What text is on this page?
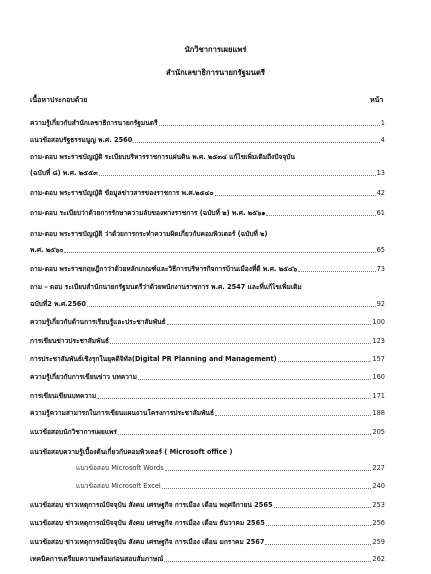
นักวิชาการเผยแพร่
สำนักเลขาธิการนายกรัฐมนตรี
เนื้อหาประกอบด้วย	หน้า
ความรู้เกี่ยวกับสำนักเลขาธิการนายกรัฐมนตรี	1
แนวข้อสอบรัฐธรรมนูญ พ.ศ. 2560	4
ถาม-ตอบ พระราชบัญญัติ ระเบียบบริหารราชการแผ่นดิน พ.ศ. ๒๕๓๔ แก้ไขเพิ่มเติมถึงปัจจุบัน
(ฉบับที่ ๘) พ.ศ. ๒๕๕๓	13
ถาม-ตอบ พระราชบัญญัติ ข้อมูลข่าวสารของราชการ พ.ศ.๒๕๔๐	42
ถาม-ตอบ ระเบียบว่าด้วยการรักษาความลับของทางราชการ (ฉบับที่ ๒) พ.ศ. ๒๕๖๑	61
ถาม-ตอบ พระราชบัญญัติ ว่าด้วยการกระทำความผิดเกี่ยวกับคอมพิวเตอร์ (ฉบับที่ ๒)
พ.ศ. ๒๕๖๐	65
ถาม-ตอบ พระราชกฤษฎีกาว่าด้วยหลักเกณฑ์และวิธีการบริหารกิจการบ้านเมืองที่ดี พ.ศ. ๒๕๔๖	73
ถาม – ตอบ ระเบียบสำนักนายกรัฐมนตรีว่าด้วยพนักงานราชการ พ.ศ. 2547 และที่แก้ไขเพิ่มเติม
ฉบับที่2 พ.ศ.2560	92
ความรู้เกี่ยวกับด้านการเรียนรู้และประชาสัมพันธ์	100
การเขียนข่าวประชาสัมพันธ์	123
การประชาสัมพันธ์เชิงรุกในยุคดิจิทัล(Digital PR Planning and Management)	157
ความรู้เกี่ยวกับการเขียนข่าว บทความ	160
การเขียนเขียนบทความ	171
ความรู้ความสามารถในการเขียนแผนงานโครงการประชาสัมพันธ์	188
แนวข้อสอบนักวิชาการเผยแพร่	205
แนวข้อสอบความรู้เบื้องต้นเกี่ยวกับคอมพิวเตอร์ ( Microsoft office )
แนวข้อสอบ Microsoft Words	227
แนวข้อสอบ Microsoft Excel	240
แนวข้อสอบ ข่าวเหตุการณ์ปัจจุบัน สังคม เศรษฐกิจ การเมือง เดือน พฤศจิกายน 2565	253
แนวข้อสอบ ข่าวเหตุการณ์ปัจจุบัน สังคม เศรษฐกิจ การเมือง เดือน ธันวาคม 2565	256
แนวข้อสอบ ข่าวเหตุการณ์ปัจจุบัน สังคม เศรษฐกิจ การเมือง เดือน มกราคม 2567	259
เทคนิคการเตรียมความพร้อมก่อนสอบสัมภาษณ์	262
